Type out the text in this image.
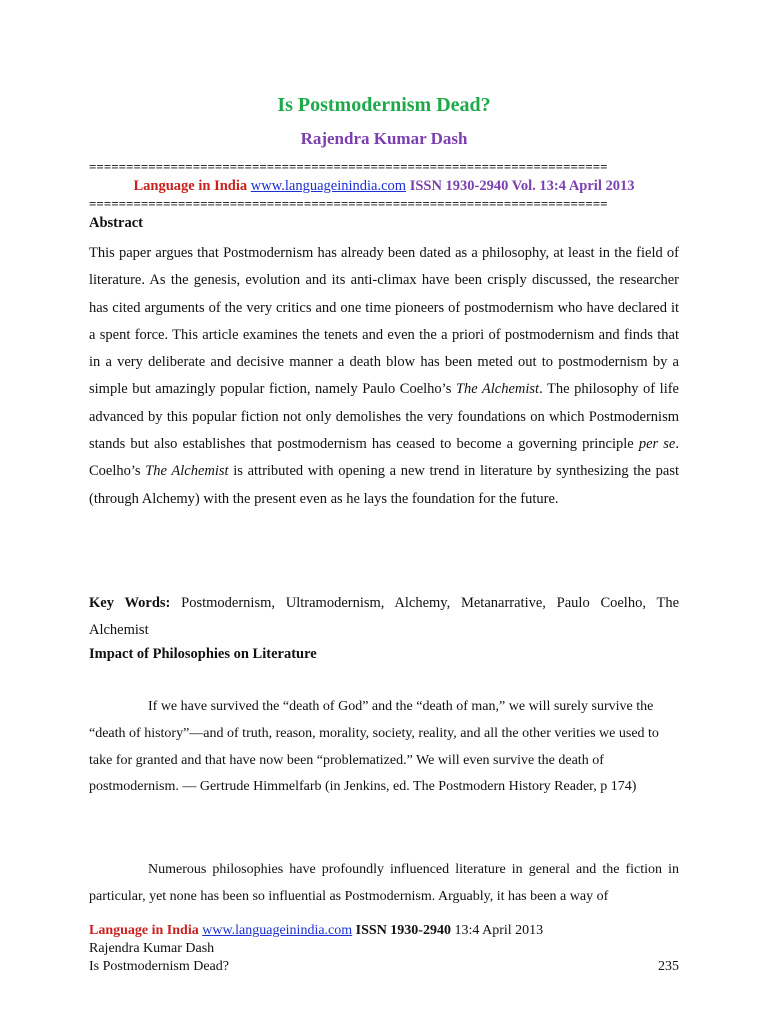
Is Postmodernism Dead?
Rajendra Kumar Dash
======================================================================
Language in India www.languageinindia.com ISSN 1930-2940 Vol. 13:4 April 2013
======================================================================
Abstract

This paper argues that Postmodernism has already been dated as a philosophy, at least in the field of literature. As the genesis, evolution and its anti-climax have been crisply discussed, the researcher has cited arguments of the very critics and one time pioneers of postmodernism who have declared it a spent force. This article examines the tenets and even the a priori of postmodernism and finds that in a very deliberate and decisive manner a death blow has been meted out to postmodernism by a simple but amazingly popular fiction, namely Paulo Coelho’s The Alchemist. The philosophy of life advanced by this popular fiction not only demolishes the very foundations on which Postmodernism stands but also establishes that postmodernism has ceased to become a governing principle per se. Coelho’s The Alchemist is attributed with opening a new trend in literature by synthesizing the past (through Alchemy) with the present even as he lays the foundation for the future.

Key Words: Postmodernism, Ultramodernism, Alchemy, Metanarrative, Paulo Coelho, The Alchemist

Impact of Philosophies on Literature

If we have survived the “death of God” and the “death of man,” we will surely survive the “death of history”—and of truth, reason, morality, society, reality, and all the other verities we used to take for granted and that have now been “problematized.” We will even survive the death of postmodernism. — Gertrude Himmelfarb (in Jenkins, ed. The Postmodern History Reader, p 174)

Numerous philosophies have profoundly influenced literature in general and the fiction in particular, yet none has been so influential as Postmodernism. Arguably, it has been a way of

Language in India www.languageinindia.com ISSN 1930-2940 13:4 April 2013
Rajendra Kumar Dash
Is Postmodernism Dead?	235
